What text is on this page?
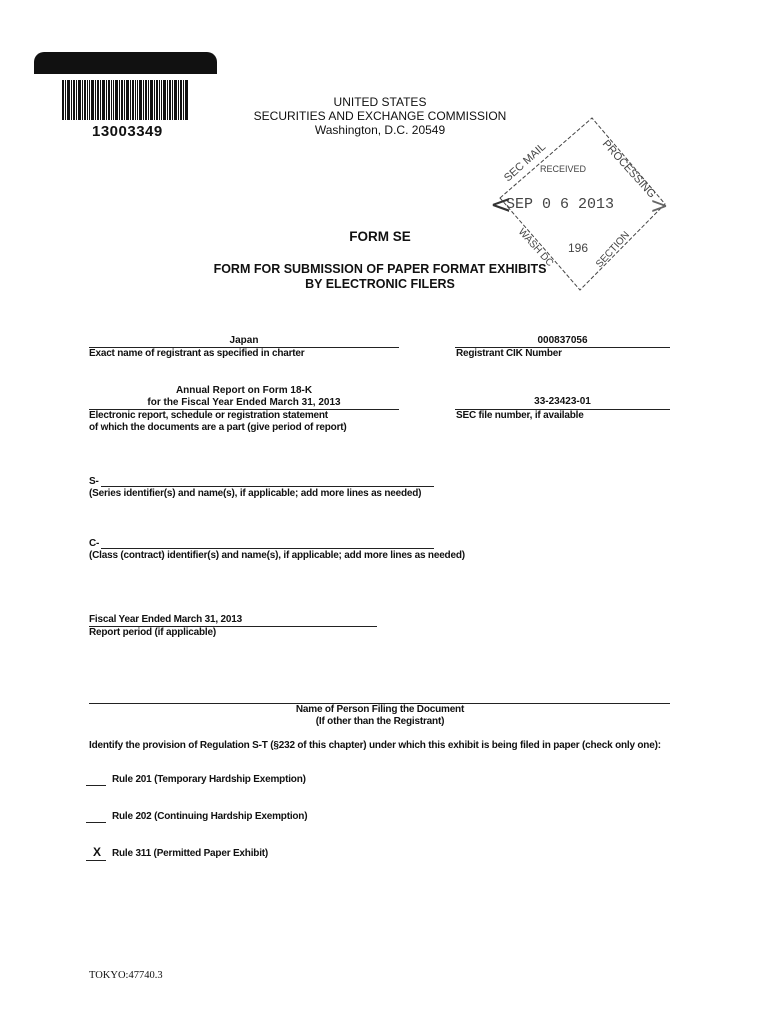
13003349
UNITED STATES
SECURITIES AND EXCHANGE COMMISSION
Washington, D.C. 20549
SEC MAIL	PROCESSING
RECEIVED
SEP 0 6 2013
196
WASH DC	SECTION
<	>
FORM SE
FORM FOR SUBMISSION OF PAPER FORMAT EXHIBITS
BY ELECTRONIC FILERS
Japan
Exact name of registrant as specified in charter
000837056
Registrant CIK Number
Annual Report on Form 18-K
for the Fiscal Year Ended March 31, 2013
Electronic report, schedule or registration statement
of which the documents are a part (give period of report)
33-23423-01
SEC file number, if available
S-
(Series identifier(s) and name(s), if applicable; add more lines as needed)
C-
(Class (contract) identifier(s) and name(s), if applicable; add more lines as needed)
Fiscal Year Ended March 31, 2013
Report period (if applicable)
Name of Person Filing the Document
(If other than the Registrant)
Identify the provision of Regulation S-T (§232 of this chapter) under which this exhibit is being filed in paper (check only one):
Rule 201 (Temporary Hardship Exemption)
Rule 202 (Continuing Hardship Exemption)
X	Rule 311 (Permitted Paper Exhibit)
TOKYO:47740.3
